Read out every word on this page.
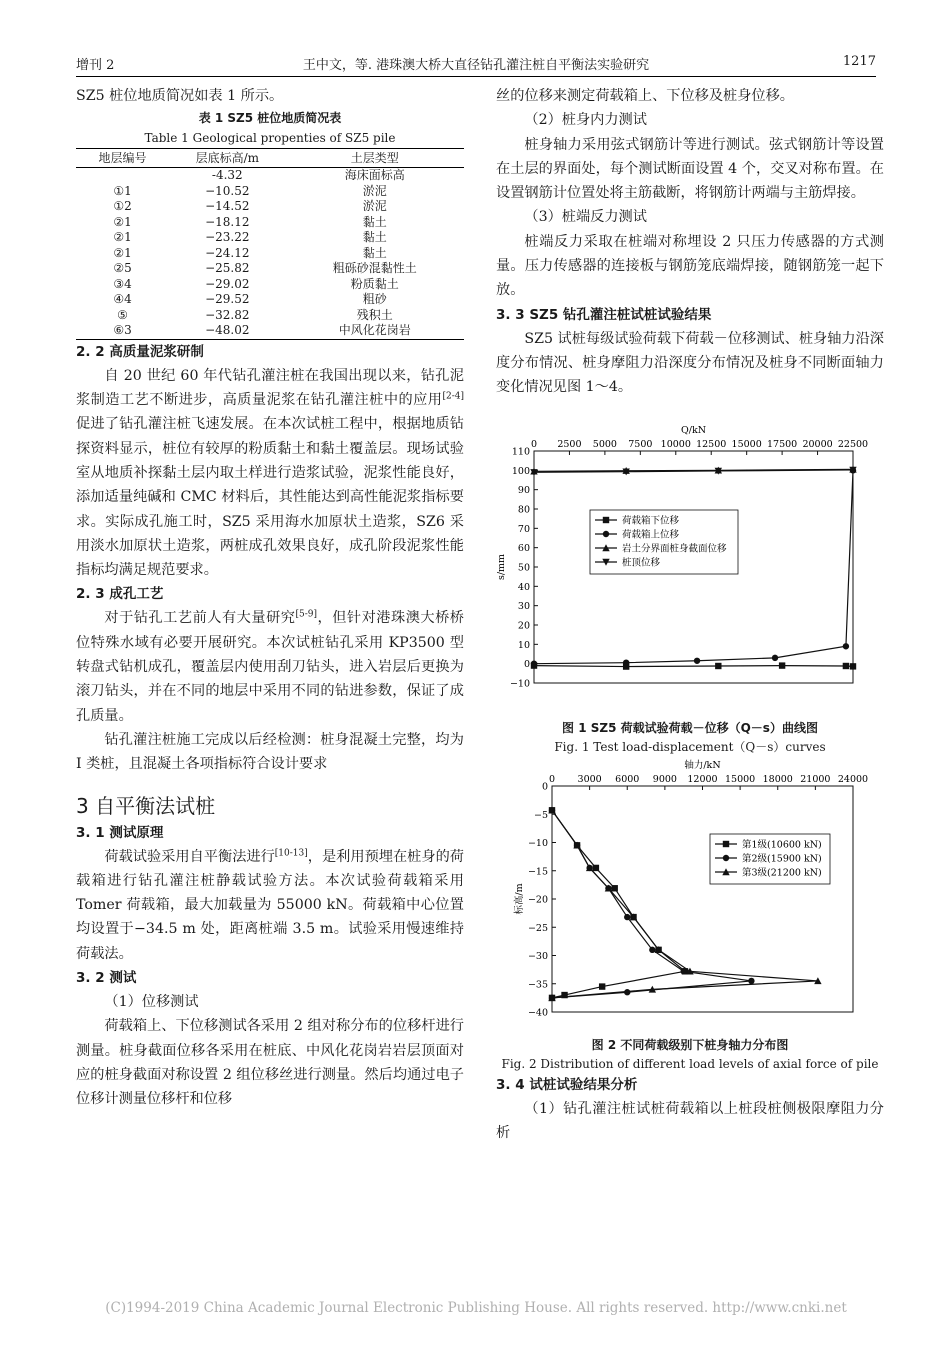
增刊 2	王中文，等. 港珠澳大桥大直径钻孔灌注桩自平衡法实验研究	1217

SZ5 桩位地质简况如表 1 所示。

表 1 SZ5 桩位地质简况表
Table 1 Geological propenties of SZ5 pile
地层编号	层底标高/m	土层类型
	-4.32	海床面标高
①1	−10.52	淤泥
①2	−14.52	淤泥
②1	−18.12	黏土
②1	−23.22	黏土
②1	−24.12	黏土
②5	−25.82	粗砾砂混黏性土
③4	−29.02	粉质黏土
④4	−29.52	粗砂
⑤	−32.82	残积土
⑥3	−48.02	中风化花岗岩

2. 2 高质量泥浆研制

自 20 世纪 60 年代钻孔灌注桩在我国出现以来，钻孔泥浆制造工艺不断进步，高质量泥浆在钻孔灌注桩中的应用[2-4]促进了钻孔灌注桩飞速发展。在本次试桩工程中，根据地质钻探资料显示，桩位有较厚的粉质黏土和黏土覆盖层。现场试验室从地质补探黏土层内取土样进行造浆试验，泥浆性能良好，添加适量纯碱和 CMC 材料后，其性能达到高性能泥浆指标要求。实际成孔施工时，SZ5 采用海水加原状土造浆，SZ6 采用淡水加原状土造浆，两桩成孔效果良好，成孔阶段泥浆性能指标均满足规范要求。

2. 3 成孔工艺

对于钻孔工艺前人有大量研究[5-9]，但针对港珠澳大桥桥位特殊水域有必要开展研究。本次试桩钻孔采用 KP3500 型转盘式钻机成孔，覆盖层内使用刮刀钻头，进入岩层后更换为滚刀钻头，并在不同的地层中采用不同的钻进参数，保证了成孔质量。

钻孔灌注桩施工完成以后经检测：桩身混凝土完整，均为 I 类桩，且混凝土各项指标符合设计要求

3 自平衡法试桩

3. 1 测试原理

荷载试验采用自平衡法进行[10-13]，是利用预埋在桩身的荷载箱进行钻孔灌注桩静载试验方法。本次试验荷载箱采用 Tomer 荷载箱，最大加载量为 55000 kN。荷载箱中心位置均设置于−34.5 m 处，距离桩端 3.5 m。试验采用慢速维持荷载法。

3. 2 测试

（1）位移测试

荷载箱上、下位移测试各采用 2 组对称分布的位移杆进行测量。桩身截面位移各采用在桩底、中风化花岗岩岩层顶面对应的桩身截面对称设置 2 组位移丝进行测量。然后均通过电子位移计测量位移杆和位移

丝的位移来测定荷载箱上、下位移及桩身位移。

（2）桩身内力测试

桩身轴力采用弦式钢筋计等进行测试。弦式钢筋计等设置在土层的界面处，每个测试断面设置 4 个，交叉对称布置。在设置钢筋计位置处将主筋截断，将钢筋计两端与主筋焊接。

（3）桩端反力测试

桩端反力采取在桩端对称埋设 2 只压力传感器的方式测量。压力传感器的连接板与钢筋笼底端焊接，随钢筋笼一起下放。

3. 3 SZ5 钻孔灌注桩试桩试验结果

SZ5 试桩每级试验荷载下荷载－位移测试、桩身轴力沿深度分布情况、桩身摩阻力沿深度分布情况及桩身不同断面轴力变化情况见图 1～4。

0 2500 5000 7500 10000 12500 15000 17500 20000 22500
Q/kN
110
100
90
80
70
60
50
40
30
20
10
0
−10
s/mm
荷载箱下位移
荷载箱上位移
岩土分界面桩身截面位移
桩顶位移
图 1 SZ5 荷载试验荷载－位移（Q－s）曲线图
Fig. 1 Test load-displacement（Q－s）curves
0 3000 6000 9000 12000 15000 18000 21000 24000
轴力/kN
0
−5
−10
−15
−20
−25
−30
−35
−40
标高/m
第1级(10600 kN)
第2级(15900 kN)
第3级(21200 kN)
图 2 不同荷载级别下桩身轴力分布图
Fig. 2 Distribution of different load levels of axial force of pile

3. 4 试桩试验结果分析

（1）钻孔灌注桩试桩荷载箱以上桩段桩侧极限摩阻力分析

(C)1994-2019 China Academic Journal Electronic Publishing House. All rights reserved. http://www.cnki.net
